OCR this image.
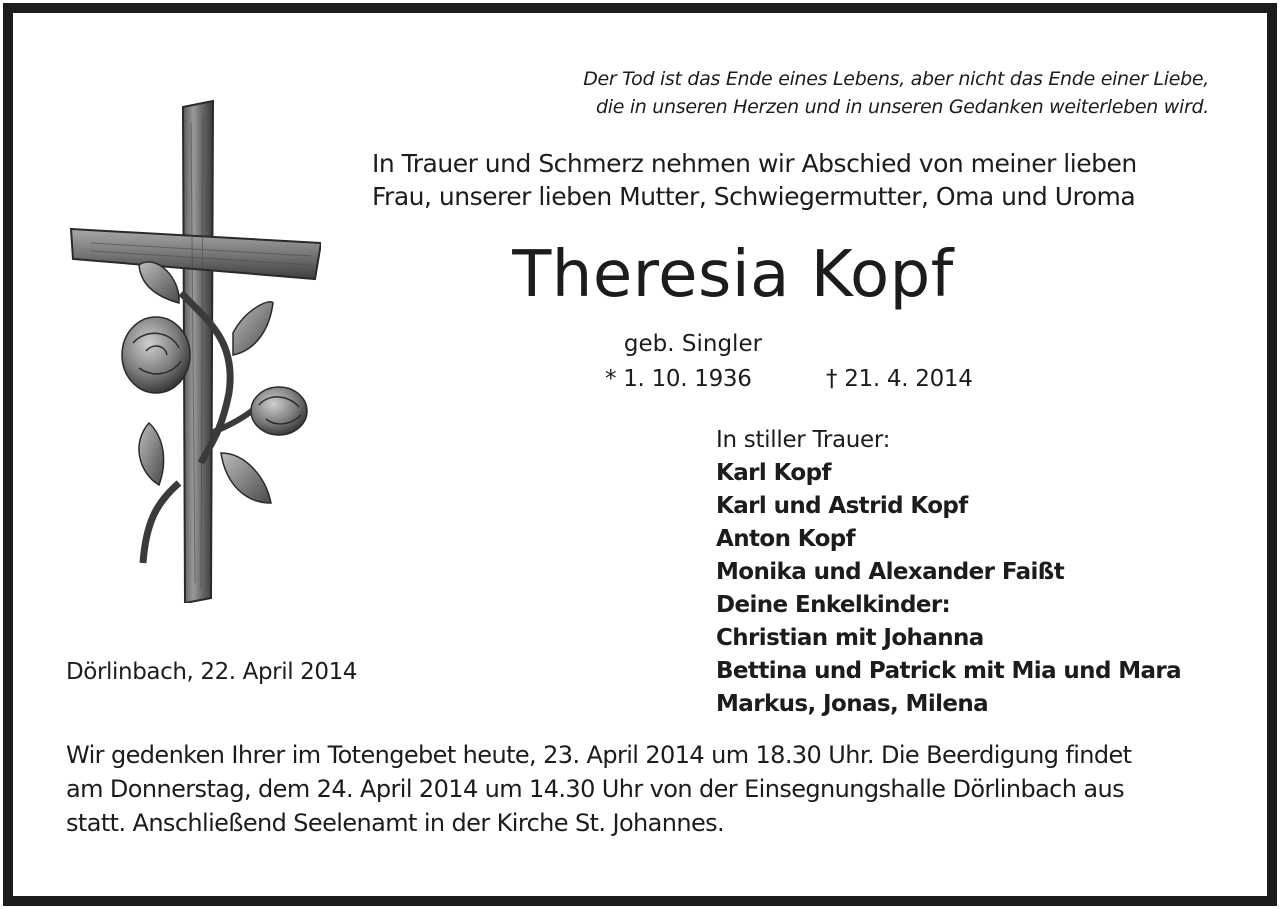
Der Tod ist das Ende eines Lebens, aber nicht das Ende einer Liebe,
die in unseren Herzen und in unseren Gedanken weiterleben wird.
In Trauer und Schmerz nehmen wir Abschied von meiner lieben
Frau, unserer lieben Mutter, Schwiegermutter, Oma und Uroma
Theresia Kopf
geb. Singler
* 1. 10. 1936	† 21. 4. 2014
In stiller Trauer:
Karl Kopf
Karl und Astrid Kopf
Anton Kopf
Monika und Alexander Faißt
Deine Enkelkinder:
Christian mit Johanna
Bettina und Patrick mit Mia und Mara
Markus, Jonas, Milena
Dörlinbach, 22. April 2014
Wir gedenken Ihrer im Totengebet heute, 23. April 2014 um 18.30 Uhr. Die Beerdigung findet
am Donnerstag, dem 24. April 2014 um 14.30 Uhr von der Einsegnungshalle Dörlinbach aus
statt. Anschließend Seelenamt in der Kirche St. Johannes.
